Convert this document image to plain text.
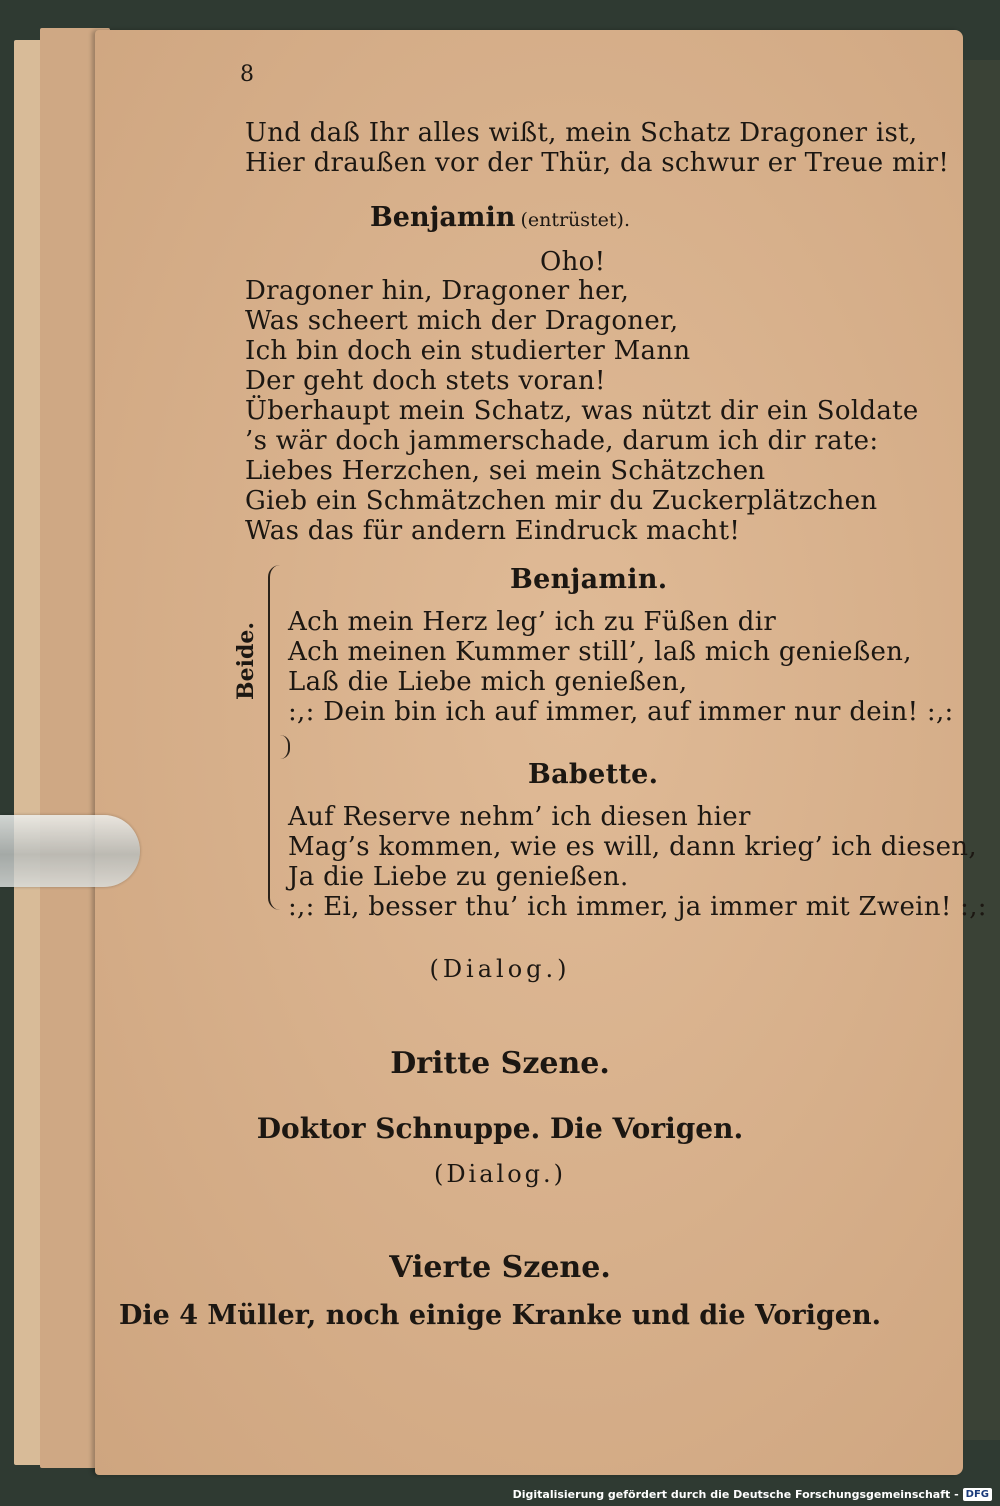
8
Und daß Ihr alles wißt, mein Schatz Dragoner ist,
Hier draußen vor der Thür, da schwur er Treue mir!
Benjamin (entrüstet).
Oho!
Dragoner hin, Dragoner her,
Was scheert mich der Dragoner,
Ich bin doch ein studierter Mann
Der geht doch stets voran!
Überhaupt mein Schatz, was nützt dir ein Soldate
’s wär doch jammerschade, darum ich dir rate:
Liebes Herzchen, sei mein Schätzchen
Gieb ein Schmätzchen mir du Zuckerplätzchen
Was das für andern Eindruck macht!
Beide.
Benjamin.
Ach mein Herz leg’ ich zu Füßen dir
Ach meinen Kummer still’, laß mich genießen,
Laß die Liebe mich genießen,
:,: Dein bin ich auf immer, auf immer nur dein! :,:
Babette.
Auf Reserve nehm’ ich diesen hier
Mag’s kommen, wie es will, dann krieg’ ich diesen,
Ja die Liebe zu genießen.
:,: Ei, besser thu’ ich immer, ja immer mit Zwein! :,:
(Dialog.)
Dritte Szene.
Doktor Schnuppe. Die Vorigen.
(Dialog.)
Vierte Szene.
Die 4 Müller, noch einige Kranke und die Vorigen.
Digitalisierung gefördert durch die Deutsche Forschungsgemeinschaft - DFG
